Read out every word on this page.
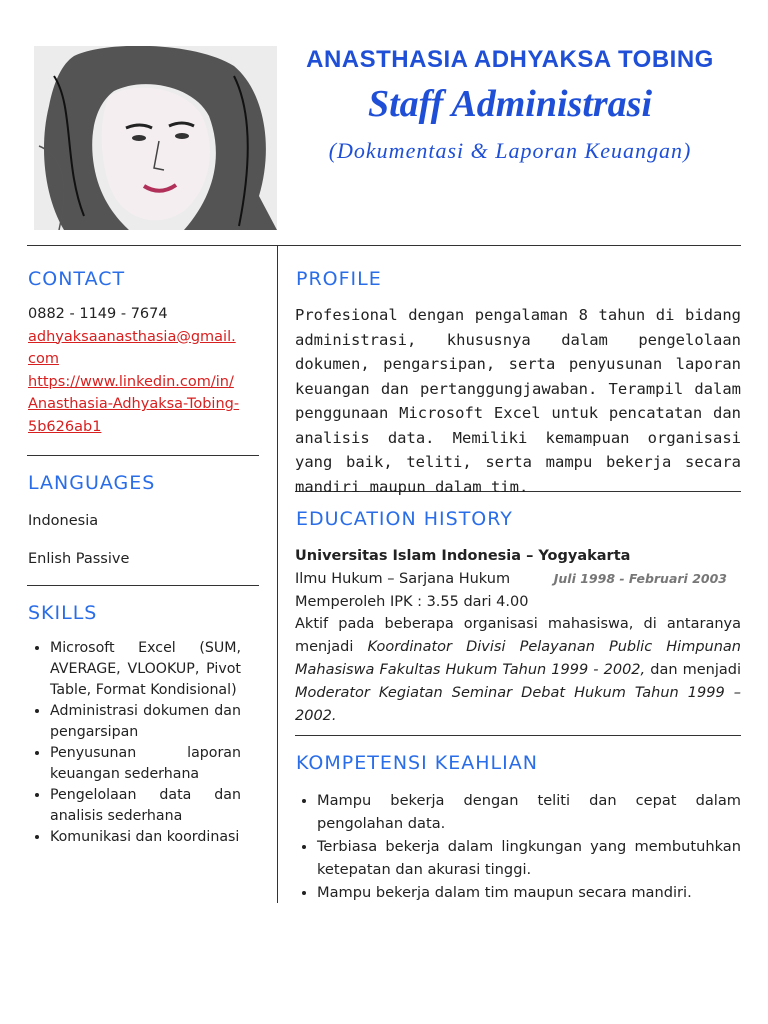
ANASTHASIA ADHYAKSA TOBING
Staff Administrasi
(Dokumentasi & Laporan Keuangan)
CONTACT
0882 - 1149 - 7674
adhyaksaanasthasia@gmail.com
https://www.linkedin.com/in/Anasthasia-Adhyaksa-Tobing-5b626ab1
LANGUAGES
Indonesia
Enlish Passive
SKILLS
• Microsoft Excel (SUM, AVERAGE, VLOOKUP, Pivot Table, Format Kondisional)
• Administrasi dokumen dan pengarsipan
• Penyusunan laporan keuangan sederhana
• Pengelolaan data dan analisis sederhana
• Komunikasi dan koordinasi
PROFILE

Profesional dengan pengalaman 8 tahun di bidang administrasi, khususnya dalam pengelolaan dokumen, pengarsipan, serta penyusunan laporan keuangan dan pertanggungjawaban. Terampil dalam penggunaan Microsoft Excel untuk pencatatan dan analisis data. Memiliki kemampuan organisasi yang baik, teliti, serta mampu bekerja secara mandiri maupun dalam tim.

EDUCATION HISTORY
Universitas Islam Indonesia – Yogyakarta
Ilmu Hukum – Sarjana Hukum	Juli 1998 - Februari 2003
Memperoleh IPK : 3.55 dari 4.00
Aktif pada beberapa organisasi mahasiswa, di antaranya menjadi Koordinator Divisi Pelayanan Public Himpunan Mahasiswa Fakultas Hukum Tahun 1999 - 2002, dan menjadi Moderator Kegiatan Seminar Debat Hukum Tahun 1999 – 2002.
KOMPETENSI KEAHLIAN
• Mampu bekerja dengan teliti dan cepat dalam pengolahan data.
• Terbiasa bekerja dalam lingkungan yang membutuhkan ketepatan dan akurasi tinggi.
• Mampu bekerja dalam tim maupun secara mandiri.
